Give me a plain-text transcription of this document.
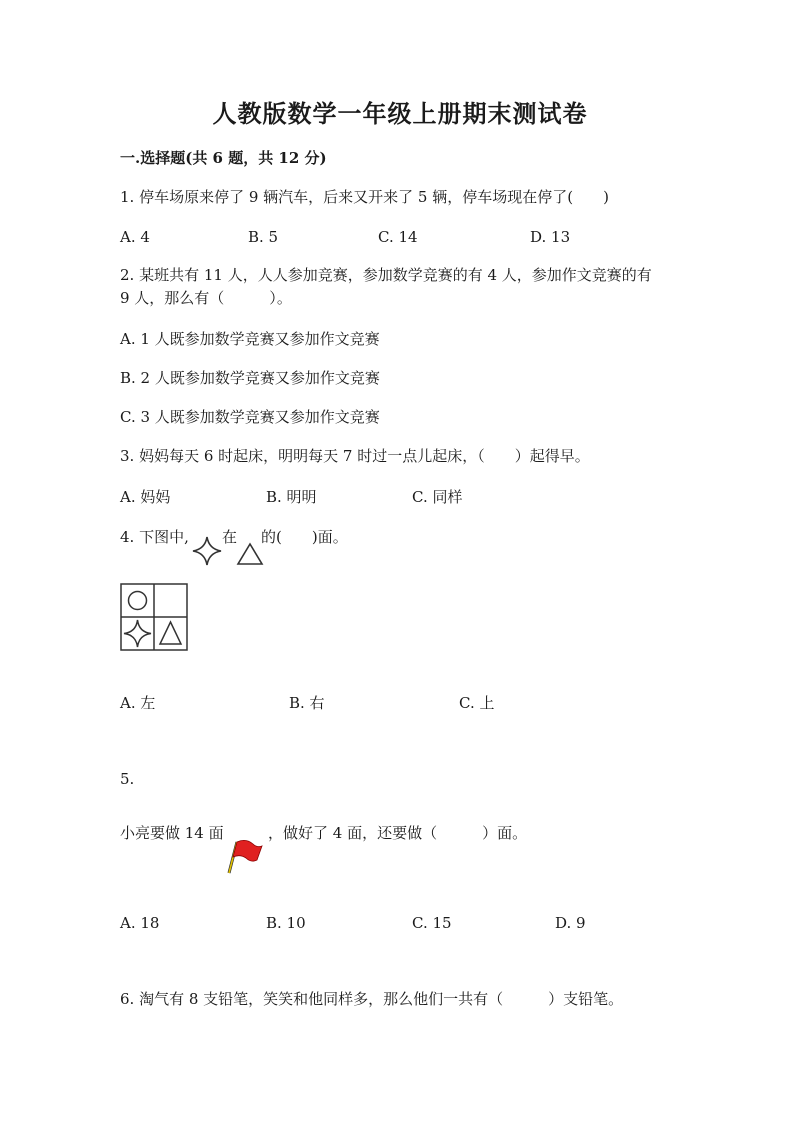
人教版数学一年级上册期末测试卷
一.选择题(共 6 题，共 12 分)
1. 停车场原来停了 9 辆汽车，后来又开来了 5 辆，停车场现在停了(　　)
A. 4	B. 5	C. 14	D. 13
2. 某班共有 11 人，人人参加竞赛，参加数学竞赛的有 4 人，参加作文竞赛的有
9 人，那么有（　　　）。
A. 1 人既参加数学竞赛又参加作文竞赛
B. 2 人既参加数学竞赛又参加作文竞赛
C. 3 人既参加数学竞赛又参加作文竞赛
3. 妈妈每天 6 时起床，明明每天 7 时过一点儿起床，（　　）起得早。
A. 妈妈	B. 明明	C. 同样
4. 下图中, 在 的(　　)面。
A. 左	B. 右	C. 上
5.
小亮要做 14 面	，做好了 4 面，还要做（　　　）面。
A. 18	B. 10	C. 15	D. 9
6. 淘气有 8 支铅笔，笑笑和他同样多，那么他们一共有（　　　）支铅笔。
